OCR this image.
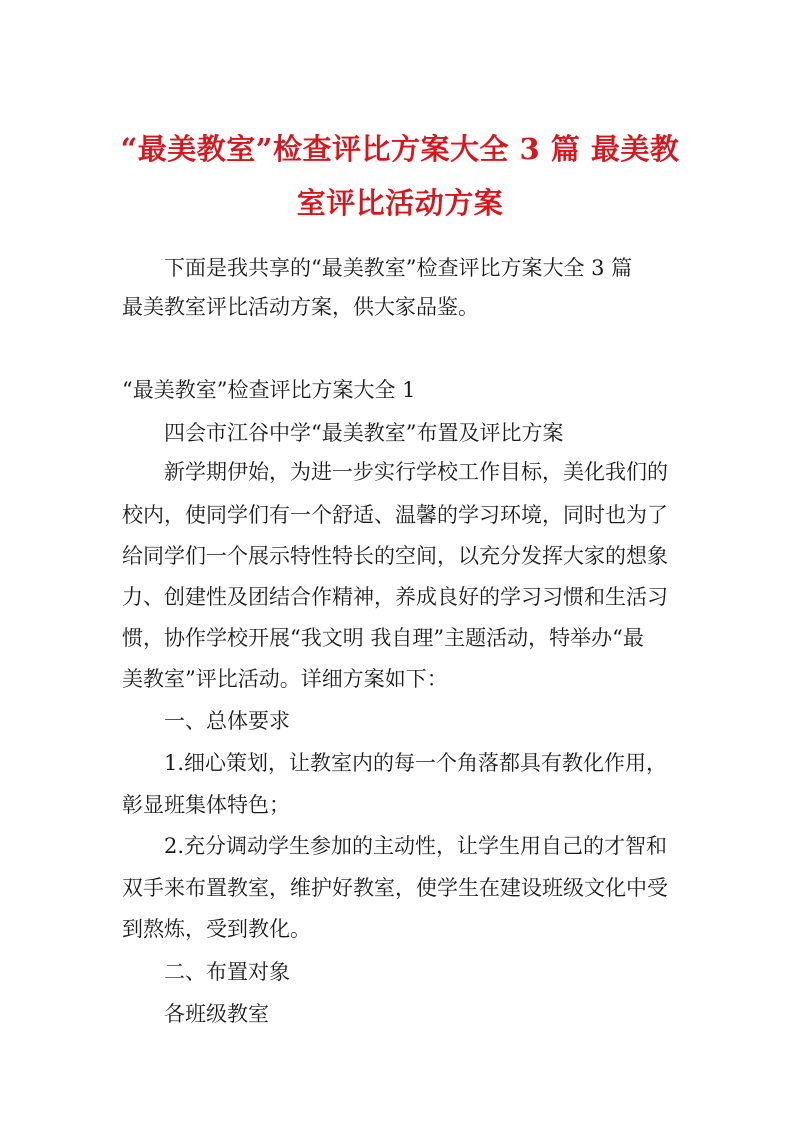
“最美教室”检查评比方案大全 3 篇 最美教
室评比活动方案
下面是我共享的“最美教室”检查评比方案大全 3 篇
最美教室评比活动方案，供大家品鉴。
“最美教室”检查评比方案大全 1
四会市江谷中学“最美教室”布置及评比方案
新学期伊始，为进一步实行学校工作目标，美化我们的
校内，使同学们有一个舒适、温馨的学习环境，同时也为了
给同学们一个展示特性特长的空间，以充分发挥大家的想象
力、创建性及团结合作精神，养成良好的学习习惯和生活习
惯，协作学校开展“我文明 我自理”主题活动，特举办“最
美教室”评比活动。详细方案如下：
一、总体要求
1.细心策划，让教室内的每一个角落都具有教化作用，
彰显班集体特色；
2.充分调动学生参加的主动性，让学生用自己的才智和
双手来布置教室，维护好教室，使学生在建设班级文化中受
到熬炼，受到教化。
二、布置对象
各班级教室
